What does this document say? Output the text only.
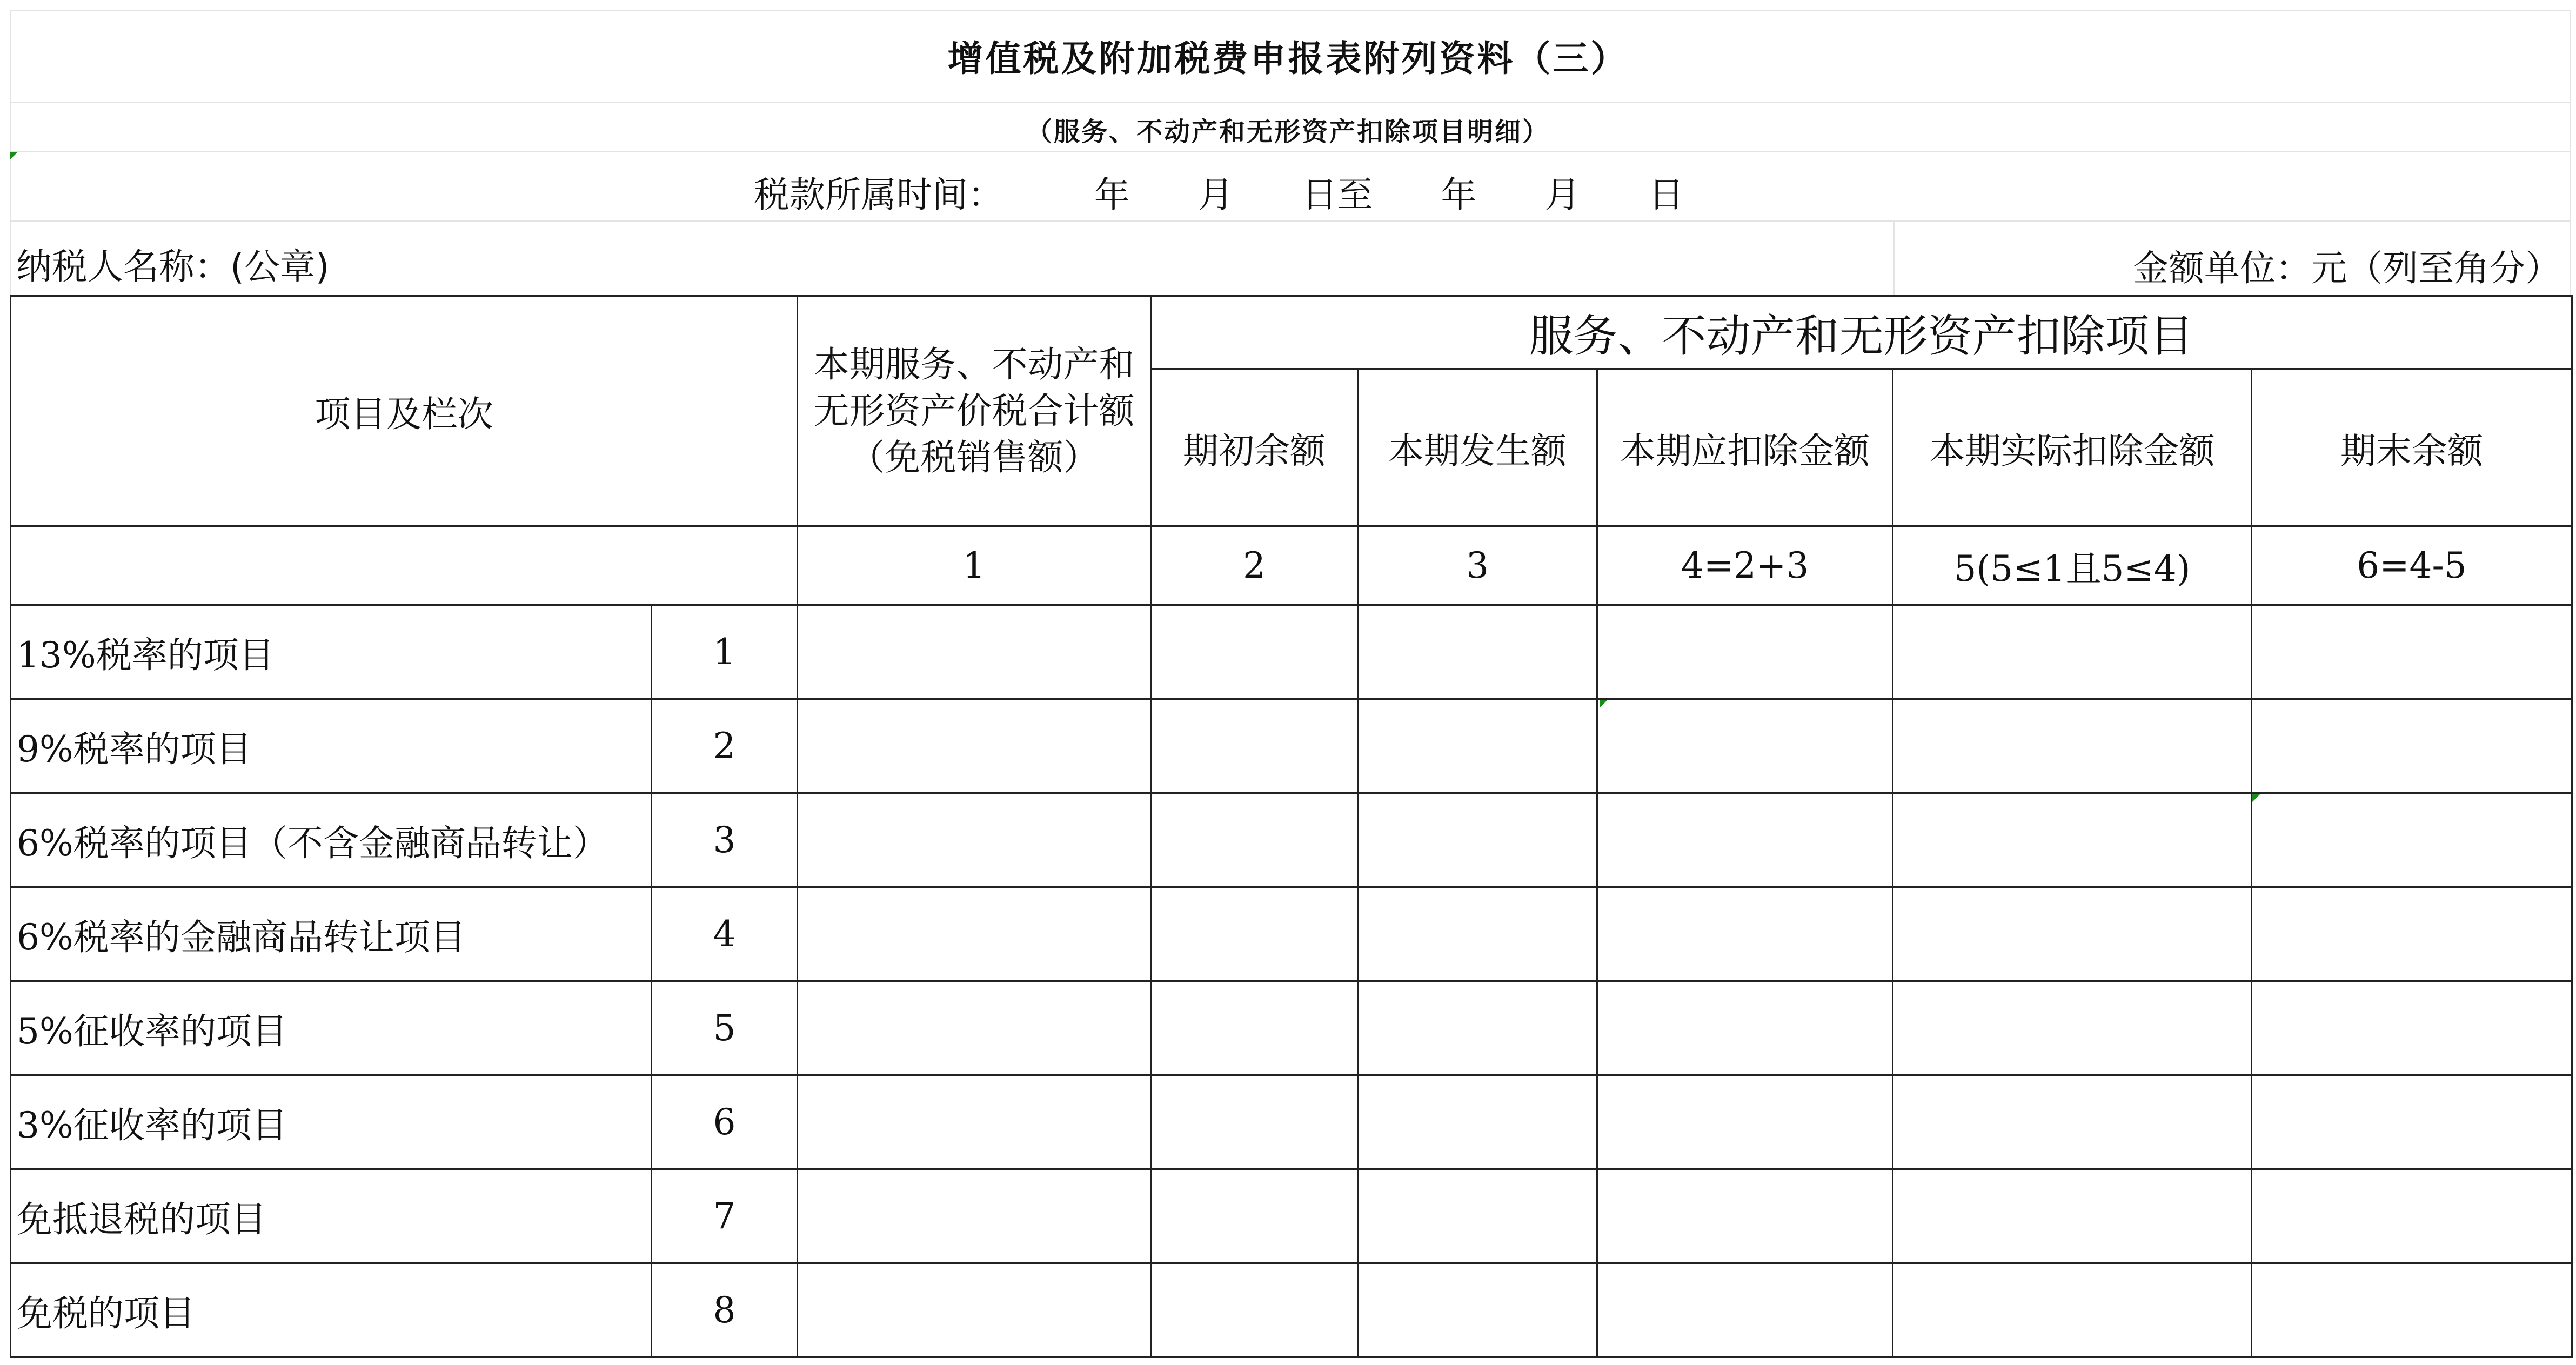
增值税及附加税费申报表附列资料（三）
（服务、不动产和无形资产扣除项目明细）
税款所属时间：        年      月      日至      年      月      日
纳税人名称：(公章)	金额单位：元（列至角分）
项目及栏次		本期服务、不动产和无形资产价税合计额（免税销售额）	服务、不动产和无形资产扣除项目				
			期初余额	本期发生额	本期应扣除金额	本期实际扣除金额	期末余额
		1	2	3	4=2+3	5(5≤1且5≤4)	6=4-5
13%税率的项目	1						
9%税率的项目	2						
6%税率的项目（不含金融商品转让）	3						
6%税率的金融商品转让项目	4						
5%征收率的项目	5						
3%征收率的项目	6						
免抵退税的项目	7						
免税的项目	8						
